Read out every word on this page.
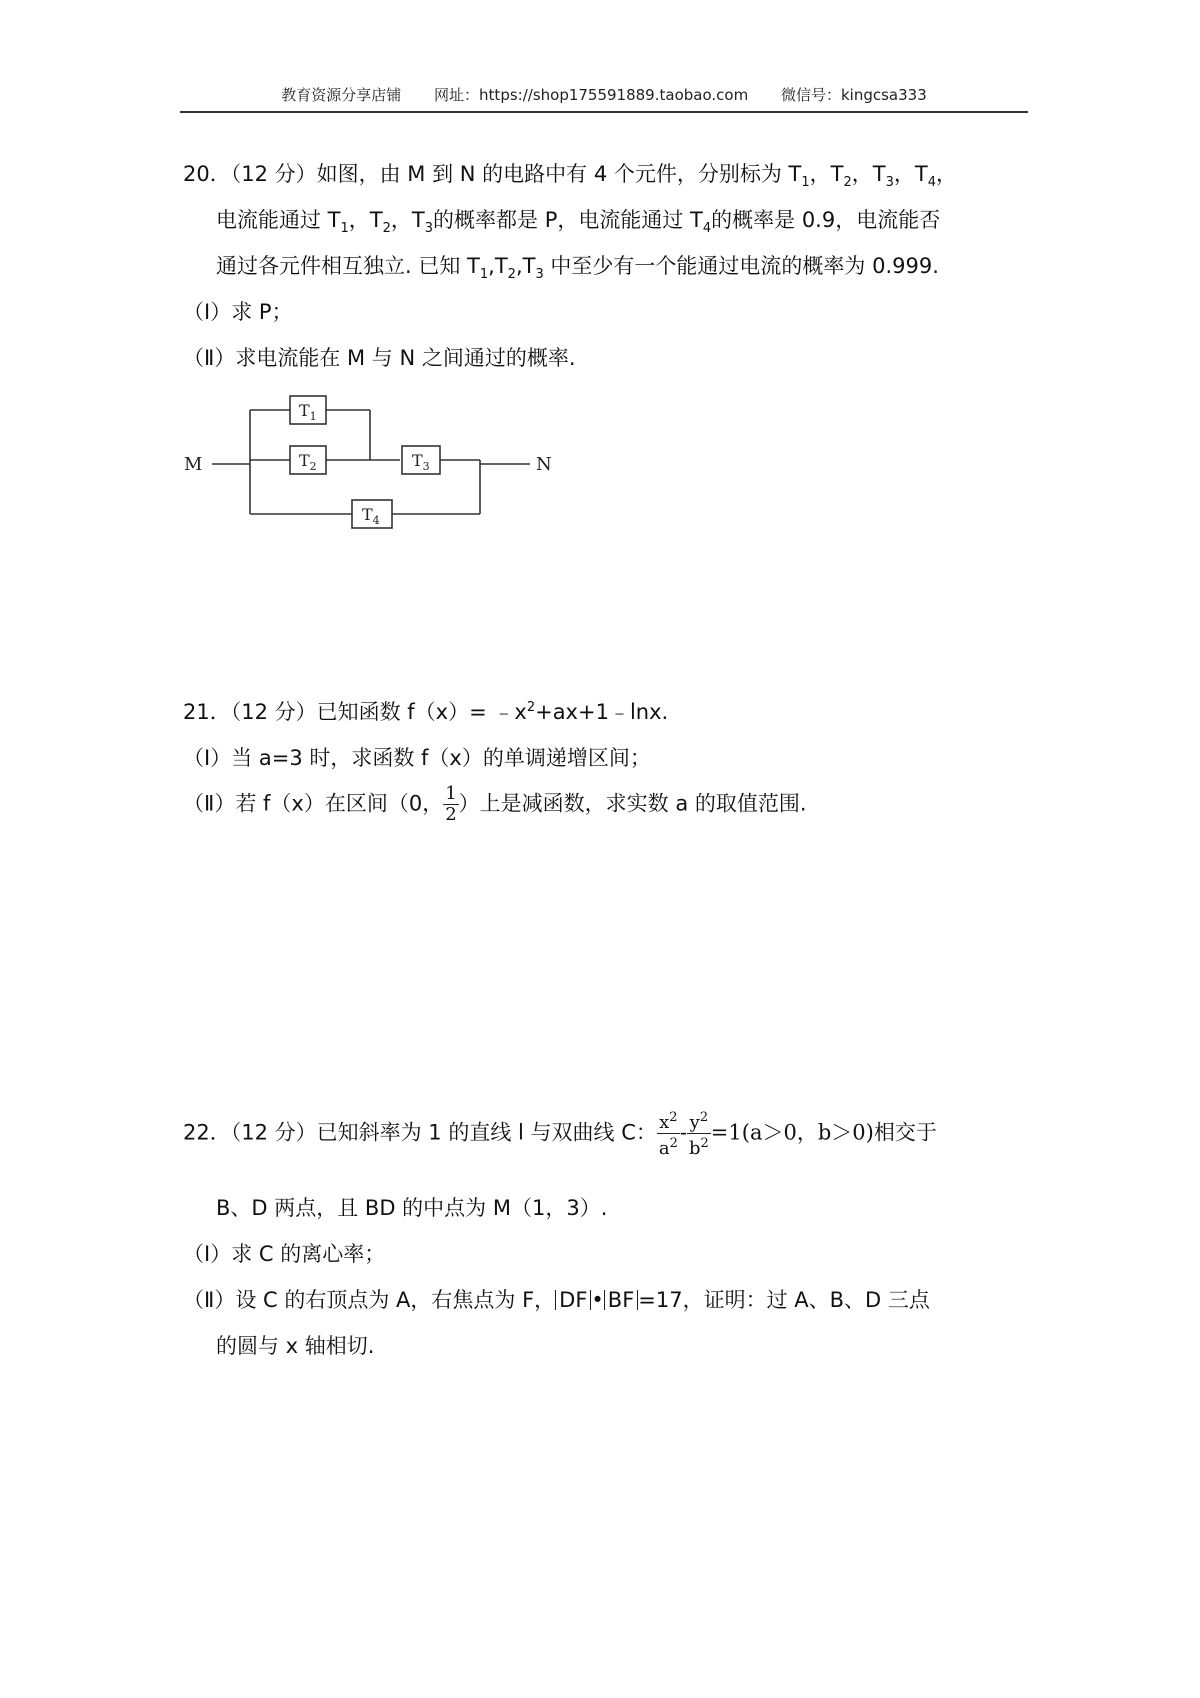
教育资源分享店铺 网址：https://shop175591889.taobao.com 微信号：kingcsa333
20．（12 分）如图，由 M 到 N 的电路中有 4 个元件，分别标为 $T_1$，$T_2$，$T_3$，$T_4$，
电流能通过 $T_1$，$T_2$，$T_3$的概率都是 P，电流能通过 $T_4$的概率是 0.9，电流能否
通过各元件相互独立. 已知 $T_1,T_2,T_3$ 中至少有一个能通过电流的概率为 0.999.
（Ⅰ）求 P；
（Ⅱ）求电流能在 M 与 N 之间通过的概率.
M	N
$T_1$
$T_2$	$T_3$
$T_4$
21．（12 分）已知函数 $f(x)= ﹣x^2+ax+1﹣\ln x$.
（Ⅰ）当 a=3 时，求函数 f（x）的单调递增区间；
（Ⅱ）若 f（x）在区间（0， $\frac{1}{2}$ ）上是减函数，求实数 a 的取值范围.
22．（12 分）已知斜率为 1 的直线 l 与双曲线 C： $\frac{x^2}{a^2} - \frac{y^2}{b^2} =1(a>0$，b＞0)相交于
B、D 两点，且 BD 的中点为 M（1，3）.
（Ⅰ）求 C 的离心率；
（Ⅱ）设 C 的右顶点为 A，右焦点为 F， DF • BF =17，证明：过 A、B、D 三点
的圆与 x 轴相切.
